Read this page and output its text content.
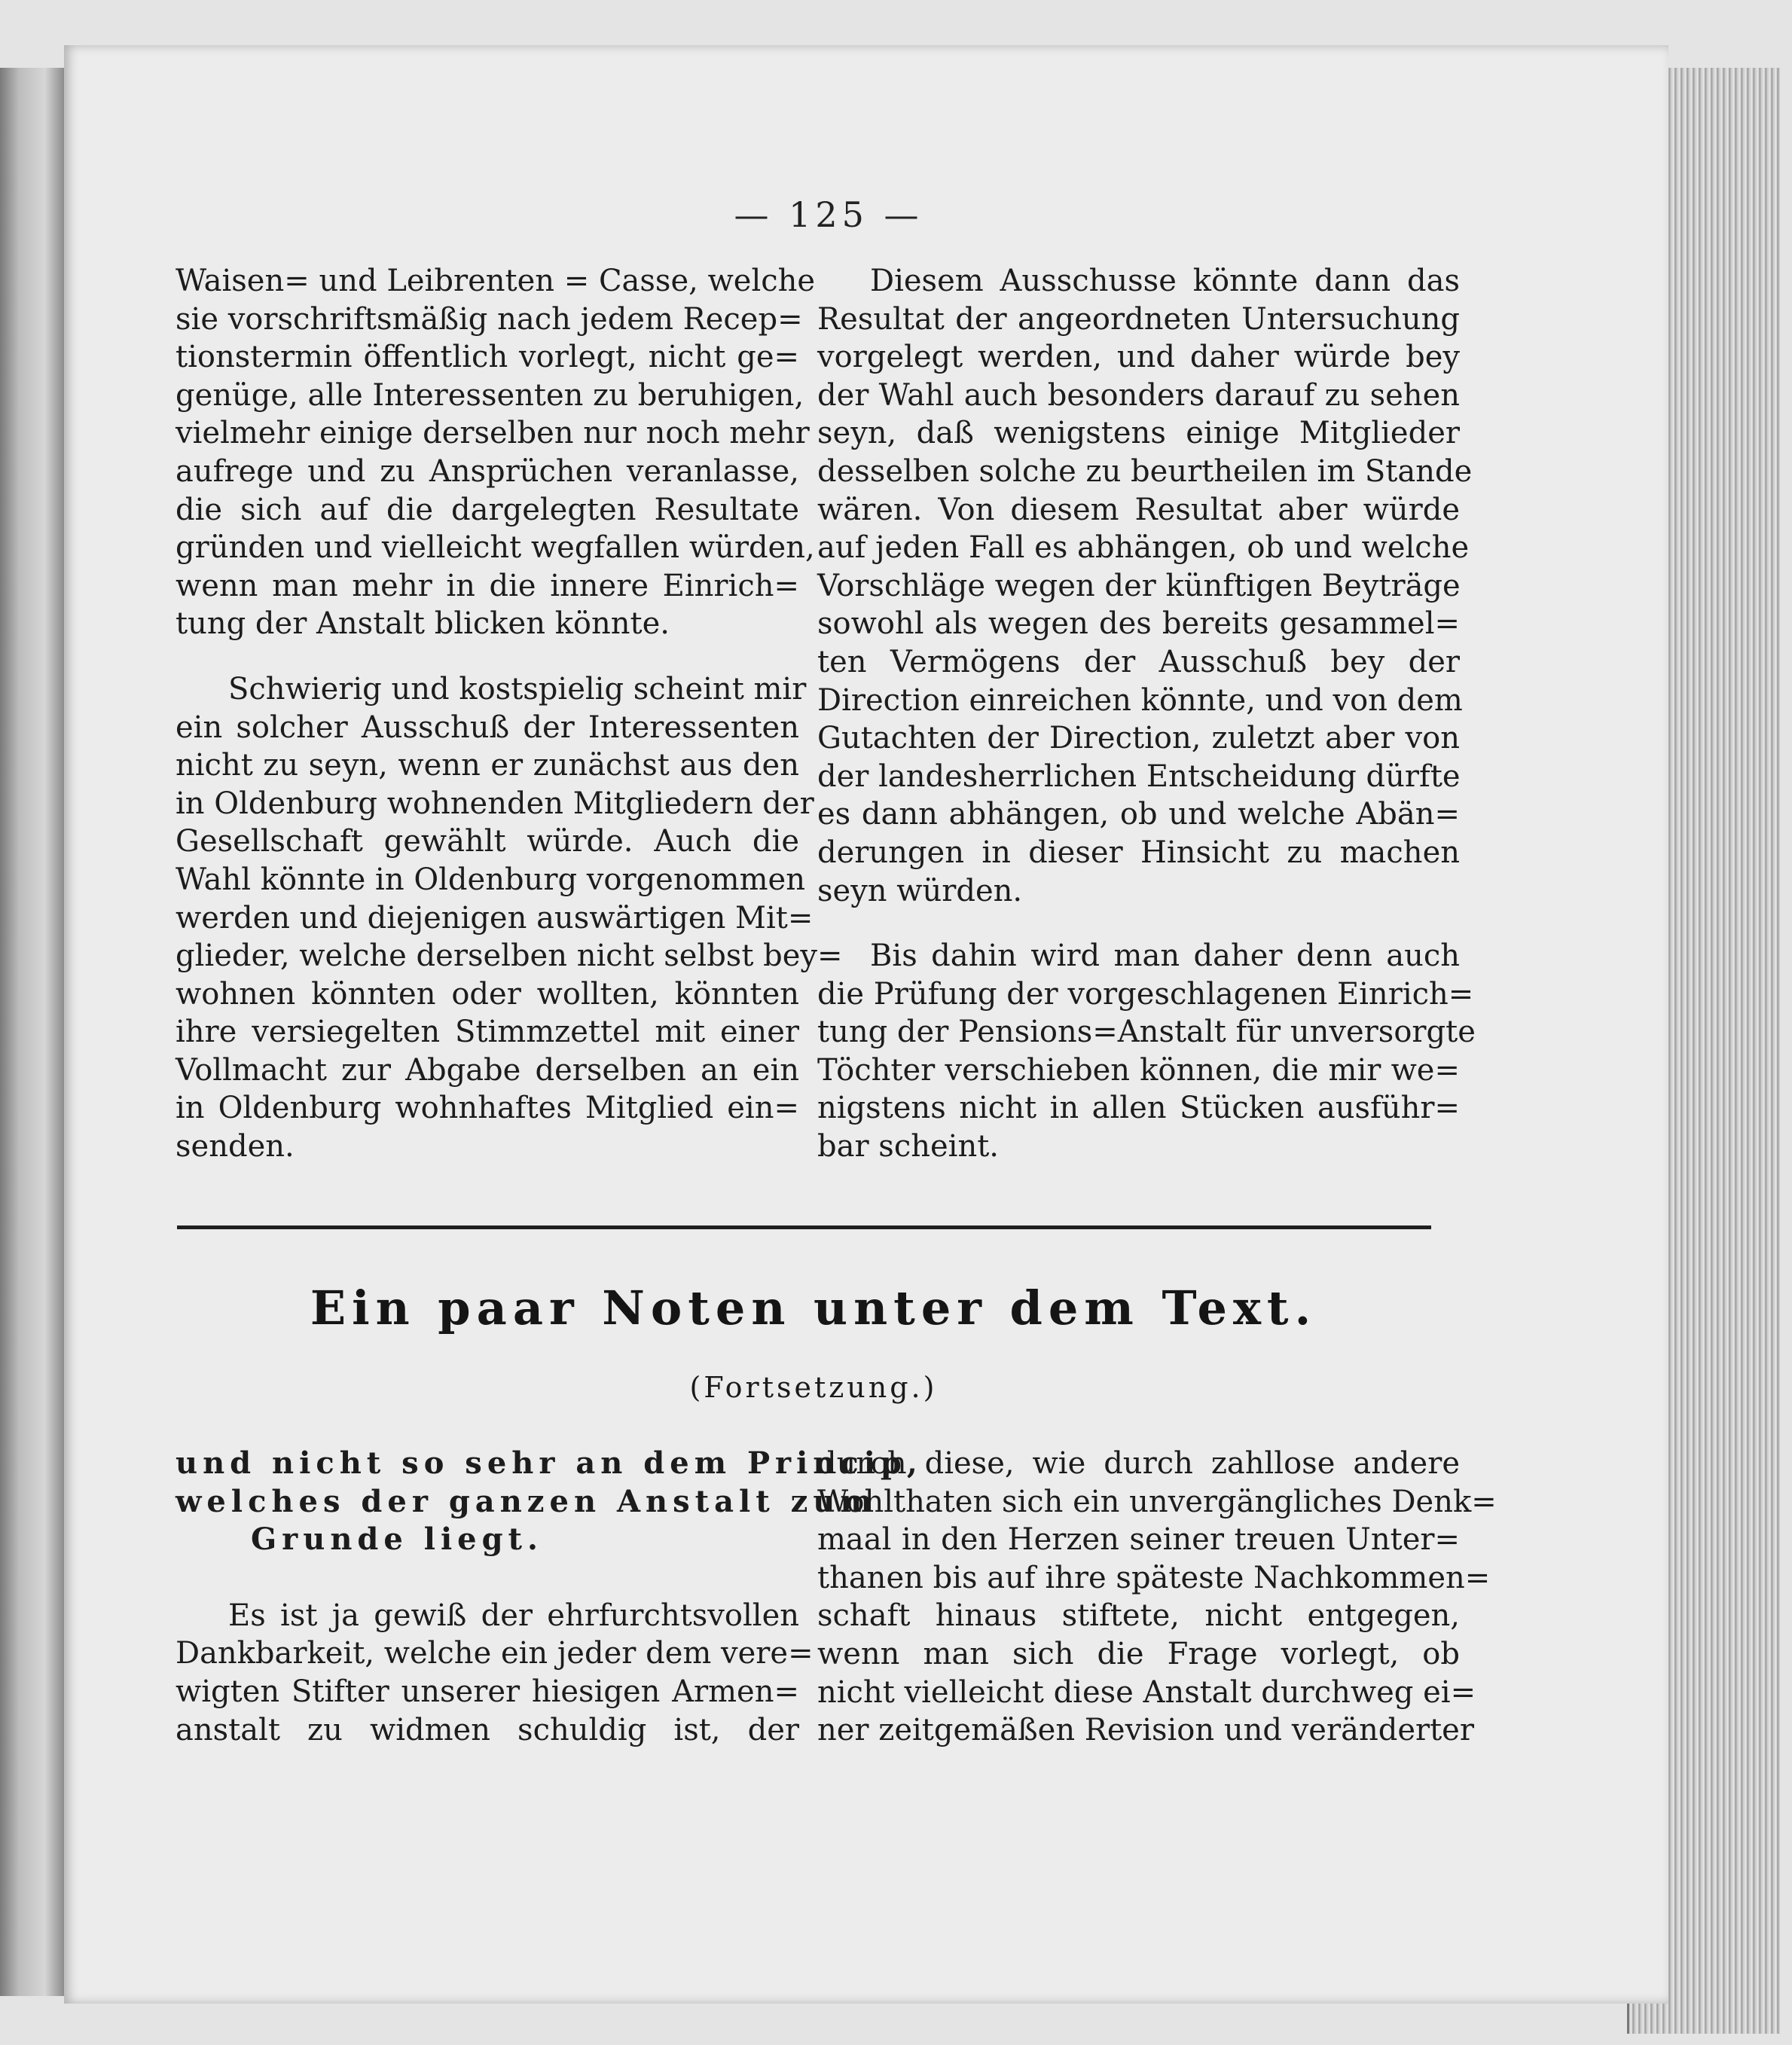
— 125 —

Waisen= und Leibrenten = Casse, welche
sie vorschriftsmäßig nach jedem Recep=
tionstermin öffentlich vorlegt, nicht ge=
genüge, alle Interessenten zu beruhigen,
vielmehr einige derselben nur noch mehr
aufrege und zu Ansprüchen veranlasse,
die sich auf die dargelegten Resultate
gründen und vielleicht wegfallen würden,
wenn man mehr in die innere Einrich=
tung der Anstalt blicken könnte.

Schwierig und kostspielig scheint mir
ein solcher Ausschuß der Interessenten
nicht zu seyn, wenn er zunächst aus den
in Oldenburg wohnenden Mitgliedern der
Gesellschaft gewählt würde. Auch die
Wahl könnte in Oldenburg vorgenommen
werden und diejenigen auswärtigen Mit=
glieder, welche derselben nicht selbst bey=
wohnen könnten oder wollten, könnten
ihre versiegelten Stimmzettel mit einer
Vollmacht zur Abgabe derselben an ein
in Oldenburg wohnhaftes Mitglied ein=
senden.

Diesem Ausschusse könnte dann das
Resultat der angeordneten Untersuchung
vorgelegt werden, und daher würde bey
der Wahl auch besonders darauf zu sehen
seyn, daß wenigstens einige Mitglieder
desselben solche zu beurtheilen im Stande
wären. Von diesem Resultat aber würde
auf jeden Fall es abhängen, ob und welche
Vorschläge wegen der künftigen Beyträge
sowohl als wegen des bereits gesammel=
ten Vermögens der Ausschuß bey der
Direction einreichen könnte, und von dem
Gutachten der Direction, zuletzt aber von
der landesherrlichen Entscheidung dürfte
es dann abhängen, ob und welche Abän=
derungen in dieser Hinsicht zu machen
seyn würden.

Bis dahin wird man daher denn auch
die Prüfung der vorgeschlagenen Einrich=
tung der Pensions=Anstalt für unversorgte
Töchter verschieben können, die mir we=
nigstens nicht in allen Stücken ausführ=
bar scheint.

Ein paar Noten unter dem Text.
(Fortsetzung.)

und nicht so sehr an dem Princip,
welches der ganzen Anstalt zum
Grunde liegt.

Es ist ja gewiß der ehrfurchtsvollen
Dankbarkeit, welche ein jeder dem vere=
wigten Stifter unserer hiesigen Armen=
anstalt zu widmen schuldig ist, der

durch diese, wie durch zahllose andere
Wohlthaten sich ein unvergängliches Denk=
maal in den Herzen seiner treuen Unter=
thanen bis auf ihre späteste Nachkommen=
schaft hinaus stiftete, nicht entgegen,
wenn man sich die Frage vorlegt, ob
nicht vielleicht diese Anstalt durchweg ei=
ner zeitgemäßen Revision und veränderter
